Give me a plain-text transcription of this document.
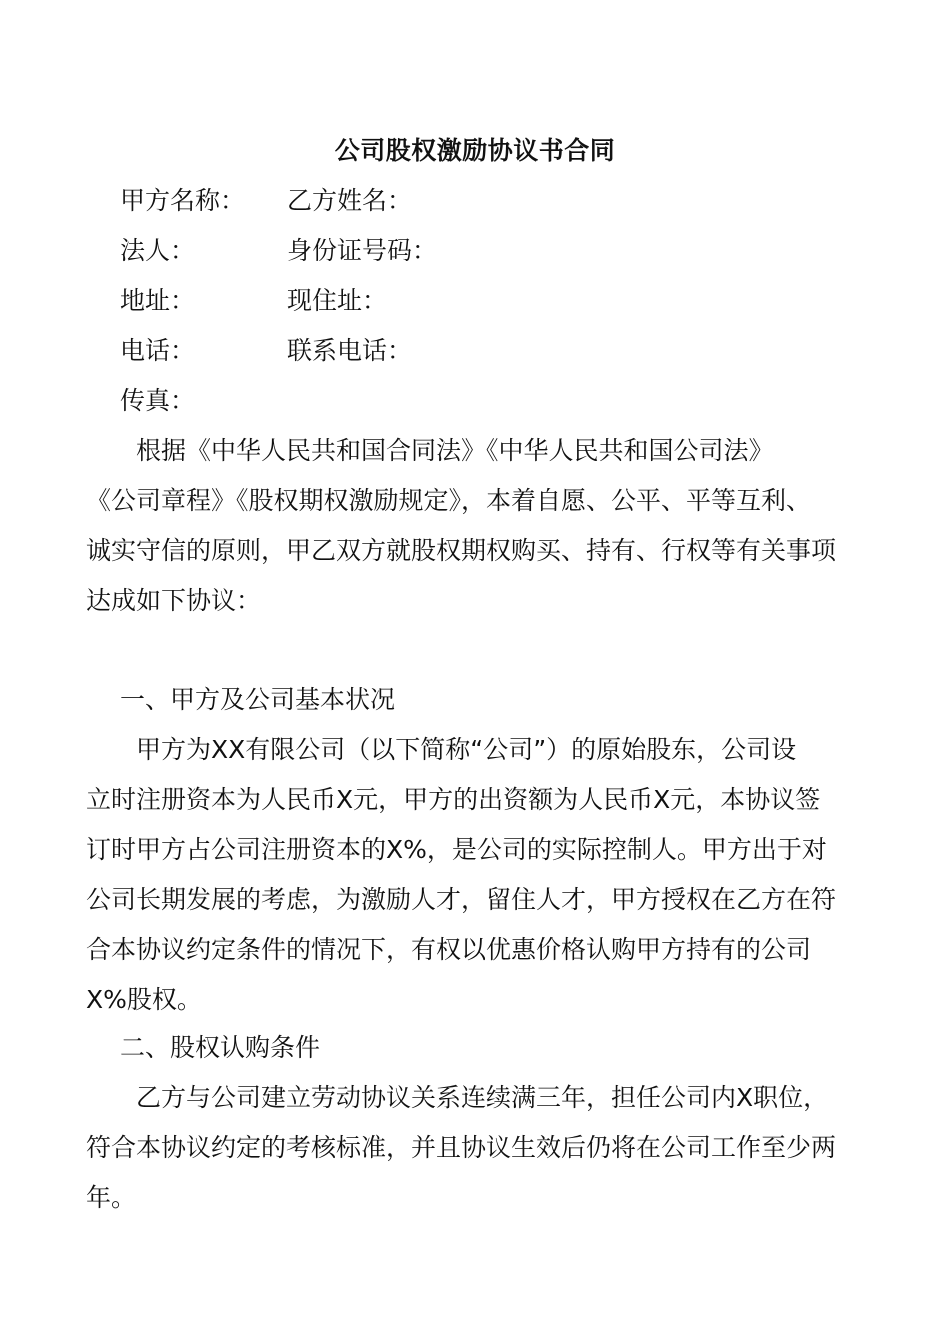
公司股权激励协议书合同
甲方名称： 乙方姓名：
法人：	身份证号码：
地址：	现住址：
电话：	联系电话：
传真：
　　根据《中华人民共和国合同法》《中华人民共和国公司法》
《公司章程》《股权期权激励规定》，本着自愿、公平、平等互利、
诚实守信的原则，甲乙双方就股权期权购买、持有、行权等有关事项
达成如下协议：
一、甲方及公司基本状况
　　甲方为XX有限公司（以下简称“公司”）的原始股东，公司设
立时注册资本为人民币X元，甲方的出资额为人民币X元，本协议签
订时甲方占公司注册资本的X%，是公司的实际控制人。甲方出于对
公司长期发展的考虑，为激励人才，留住人才，甲方授权在乙方在符
合本协议约定条件的情况下，有权以优惠价格认购甲方持有的公司
X%股权。
二、股权认购条件
　　乙方与公司建立劳动协议关系连续满三年，担任公司内X职位，
符合本协议约定的考核标准，并且协议生效后仍将在公司工作至少两
年。
